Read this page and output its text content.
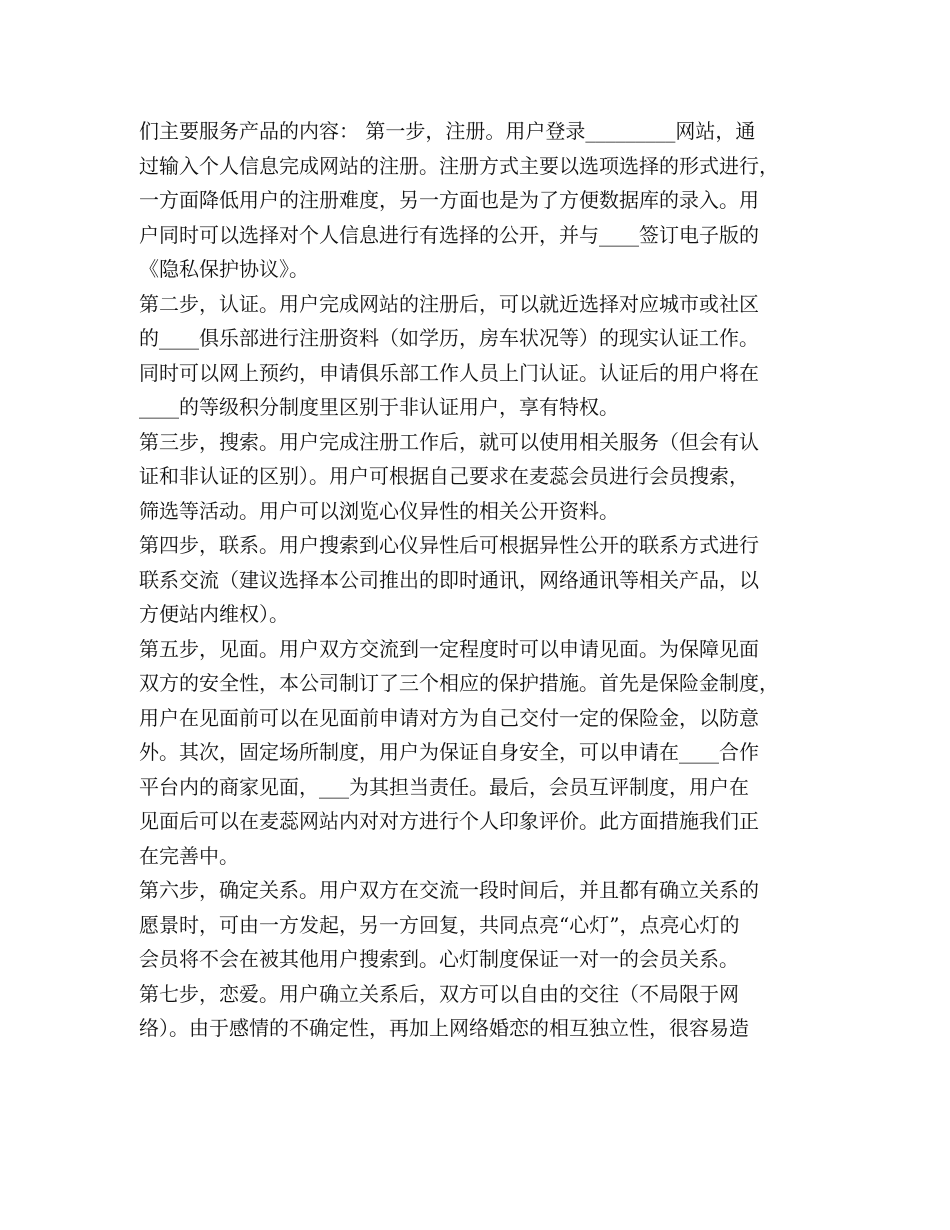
们主要服务产品的内容： 第一步，注册。用户登录_________网站，通
过输入个人信息完成网站的注册。注册方式主要以选项选择的形式进行，
一方面降低用户的注册难度，另一方面也是为了方便数据库的录入。用
户同时可以选择对个人信息进行有选择的公开，并与____签订电子版的
《隐私保护协议》。
第二步，认证。用户完成网站的注册后，可以就近选择对应城市或社区
的____俱乐部进行注册资料（如学历，房车状况等）的现实认证工作。
同时可以网上预约，申请俱乐部工作人员上门认证。认证后的用户将在
____的等级积分制度里区别于非认证用户，享有特权。
第三步，搜索。用户完成注册工作后，就可以使用相关服务（但会有认
证和非认证的区别）。用户可根据自己要求在麦蕊会员进行会员搜索，
筛选等活动。用户可以浏览心仪异性的相关公开资料。
第四步，联系。用户搜索到心仪异性后可根据异性公开的联系方式进行
联系交流（建议选择本公司推出的即时通讯，网络通讯等相关产品，以
方便站内维权）。
第五步，见面。用户双方交流到一定程度时可以申请见面。为保障见面
双方的安全性，本公司制订了三个相应的保护措施。首先是保险金制度，
用户在见面前可以在见面前申请对方为自己交付一定的保险金，以防意
外。其次，固定场所制度，用户为保证自身安全，可以申请在____合作
平台内的商家见面，___为其担当责任。最后，会员互评制度，用户在
见面后可以在麦蕊网站内对对方进行个人印象评价。此方面措施我们正
在完善中。
第六步，确定关系。用户双方在交流一段时间后，并且都有确立关系的
愿景时，可由一方发起，另一方回复，共同点亮“心灯”，点亮心灯的
会员将不会在被其他用户搜索到。心灯制度保证一对一的会员关系。
第七步，恋爱。用户确立关系后，双方可以自由的交往（不局限于网
络）。由于感情的不确定性，再加上网络婚恋的相互独立性，很容易造
